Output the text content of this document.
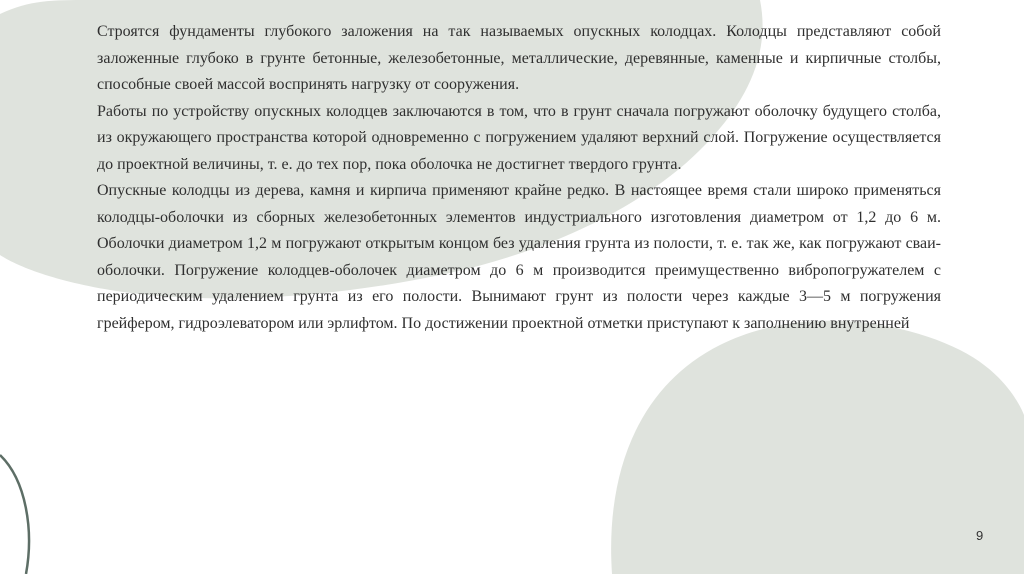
Строятся фундаменты глубокого заложения на так называемых опускных колодцах. Колодцы представляют собой заложенные глубоко в грунте бетонные, железобетонные, металлические, деревянные, каменные и кирпичные столбы, способные своей массой воспринять нагрузку от сооружения.

Работы по устройству опускных колодцев заключаются в том, что в грунт сначала погружают оболочку будущего столба, из окружающего пространства которой одновременно с погружением удаляют верхний слой. Погружение осуществляется до проектной величины, т. е. до тех пор, пока оболочка не достигнет твердого грунта.

Опускные колодцы из дерева, камня и кирпича применяют крайне редко. В настоящее время стали широко применяться колодцы-оболочки из сборных железобетонных элементов индустриального изготовления диаметром от 1,2 до 6 м. Оболочки диаметром 1,2 м погружают открытым концом без удаления грунта из полости, т. е. так же, как погружают сваи-оболочки. Погружение колодцев-оболочек диаметром до 6 м производится преимущественно вибропогружателем с периодическим удалением грунта из его полости. Вынимают грунт из полости через каждые 3—5 м погружения грейфером, гидроэлеватором или эрлифтом. По достижении проектной отметки приступают к заполнению внутренней

9
